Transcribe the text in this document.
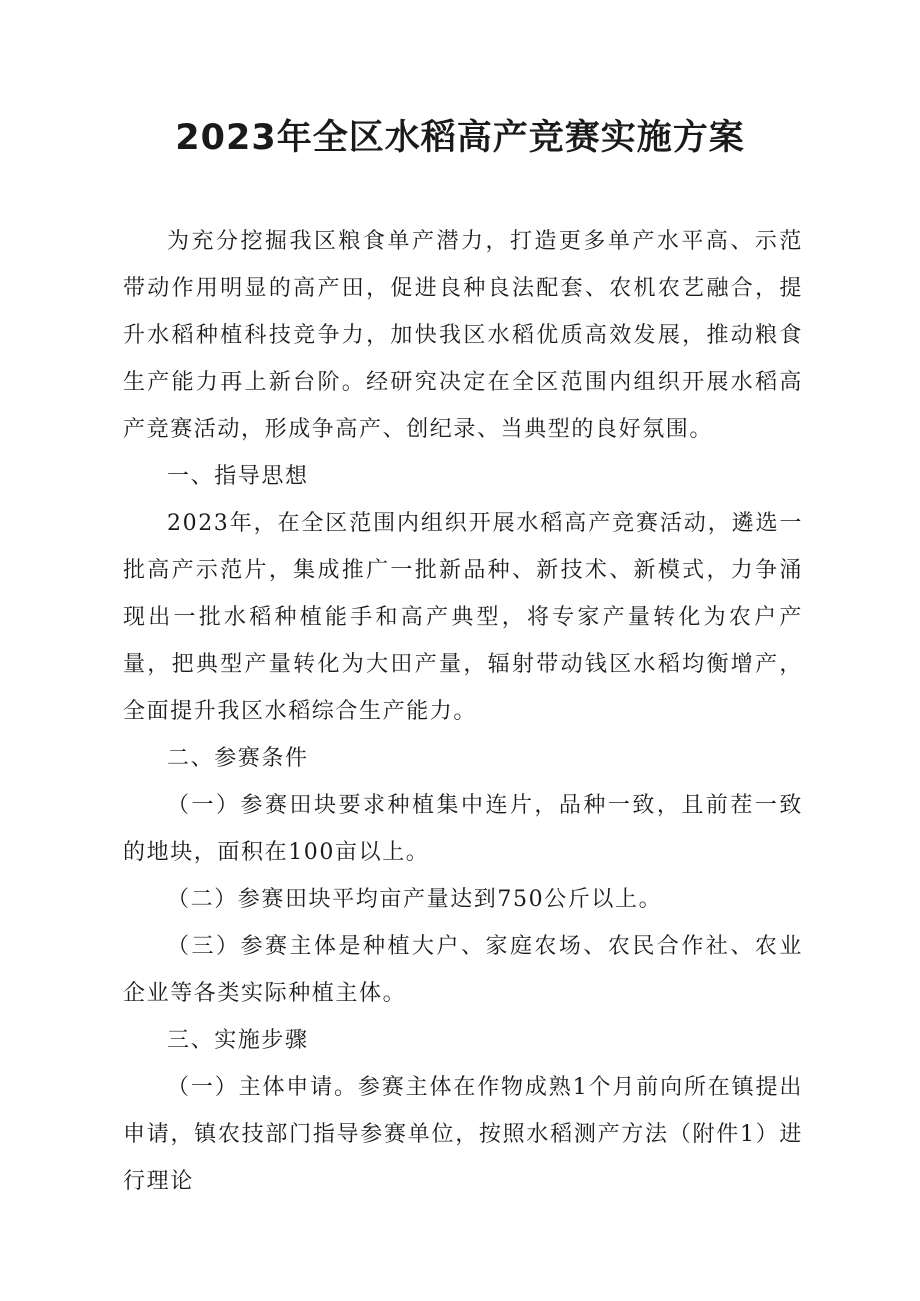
2023年全区水稻高产竞赛实施方案

为充分挖掘我区粮食单产潜力，打造更多单产水平高、示范带动作用明显的高产田，促进良种良法配套、农机农艺融合，提升水稻种植科技竞争力，加快我区水稻优质高效发展，推动粮食生产能力再上新台阶。经研究决定在全区范围内组织开展水稻高产竞赛活动，形成争高产、创纪录、当典型的良好氛围。

一、指导思想

2023年，在全区范围内组织开展水稻高产竞赛活动，遴选一批高产示范片，集成推广一批新品种、新技术、新模式，力争涌现出一批水稻种植能手和高产典型，将专家产量转化为农户产量，把典型产量转化为大田产量，辐射带动钱区水稻均衡增产，全面提升我区水稻综合生产能力。

二、参赛条件

（一）参赛田块要求种植集中连片，品种一致，且前茬一致的地块，面积在100亩以上。

（二）参赛田块平均亩产量达到750公斤以上。

（三）参赛主体是种植大户、家庭农场、农民合作社、农业企业等各类实际种植主体。

三、实施步骤

（一）主体申请。参赛主体在作物成熟1个月前向所在镇提出申请，镇农技部门指导参赛单位，按照水稻测产方法（附件1）进行理论
